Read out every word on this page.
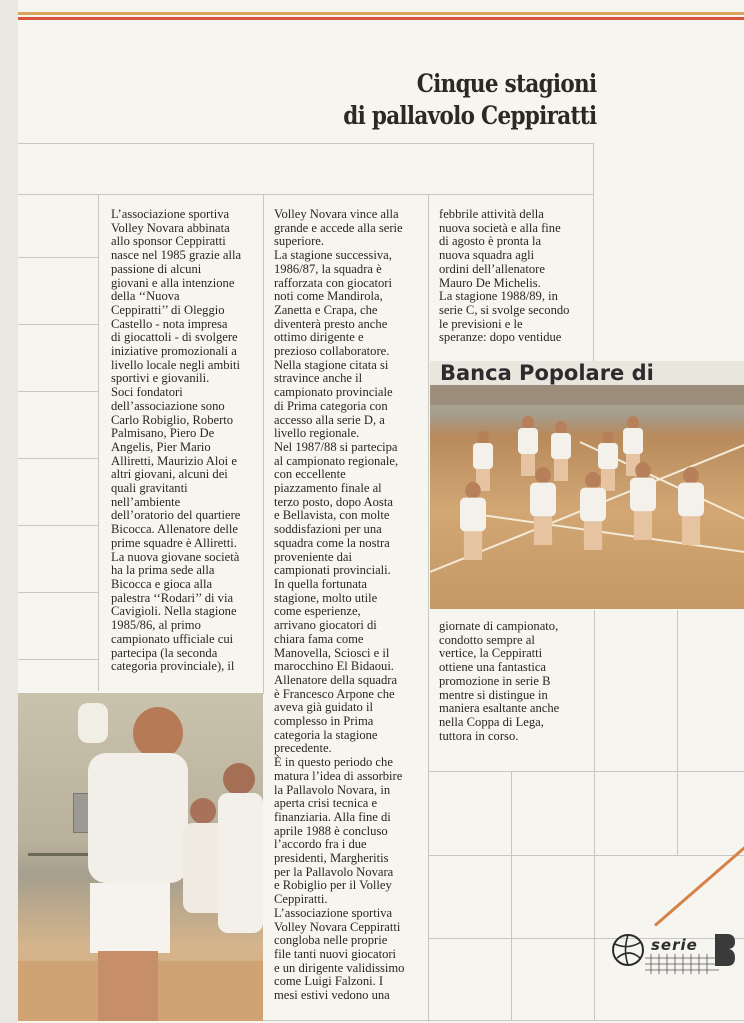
Cinque stagioni
di pallavolo Ceppiratti
L’associazione sportiva
Volley Novara abbinata
allo sponsor Ceppiratti
nasce nel 1985 grazie alla
passione di alcuni
giovani e alla intenzione
della ‘‘Nuova
Ceppiratti’’ di Oleggio
Castello - nota impresa
di giocattoli - di svolgere
iniziative promozionali a
livello locale negli ambiti
sportivi e giovanili.
Soci fondatori
dell’associazione sono
Carlo Robiglio, Roberto
Palmisano, Piero De
Angelis, Pier Mario
Alliretti, Maurizio Aloi e
altri giovani, alcuni dei
quali gravitanti
nell’ambiente
dell’oratorio del quartiere
Bicocca. Allenatore delle
prime squadre è Alliretti.
La nuova giovane società
ha la prima sede alla
Bicocca e gioca alla
palestra ‘‘Rodari’’ di via
Cavigioli. Nella stagione
1985/86, al primo
campionato ufficiale cui
partecipa (la seconda
categoria provinciale), il
Volley Novara vince alla
grande e accede alla serie
superiore.
La stagione successiva,
1986/87, la squadra è
rafforzata con giocatori
noti come Mandirola,
Zanetta e Crapa, che
diventerà presto anche
ottimo dirigente e
prezioso collaboratore.
Nella stagione citata si
stravince anche il
campionato provinciale
di Prima categoria con
accesso alla serie D, a
livello regionale.
Nel 1987/88 si partecipa
al campionato regionale,
con eccellente
piazzamento finale al
terzo posto, dopo Aosta
e Bellavista, con molte
soddisfazioni per una
squadra come la nostra
proveniente dai
campionati provinciali.
In quella fortunata
stagione, molto utile
come esperienze,
arrivano giocatori di
chiara fama come
Manovella, Sciosci e il
marocchino El Bidaoui.
Allenatore della squadra
è Francesco Arpone che
aveva già guidato il
complesso in Prima
categoria la stagione
precedente.
È in questo periodo che
matura l’idea di assorbire
la Pallavolo Novara, in
aperta crisi tecnica e
finanziaria. Alla fine di
aprile 1988 è concluso
l’accordo fra i due
presidenti, Margheritis
per la Pallavolo Novara
e Robiglio per il Volley
Ceppiratti.
L’associazione sportiva
Volley Novara Ceppiratti
congloba nelle proprie
file tanti nuovi giocatori
e un dirigente validissimo
come Luigi Falzoni. I
mesi estivi vedono una
febbrile attività della
nuova società e alla fine
di agosto è pronta la
nuova squadra agli
ordini dell’allenatore
Mauro De Michelis.
La stagione 1988/89, in
serie C, si svolge secondo
le previsioni e le
speranze: dopo ventidue
giornate di campionato,
condotto sempre al
vertice, la Ceppiratti
ottiene una fantastica
promozione in serie B
mentre si distingue in
maniera esaltante anche
nella Coppa di Lega,
tuttora in corso.
Banca Popolare di
serie
